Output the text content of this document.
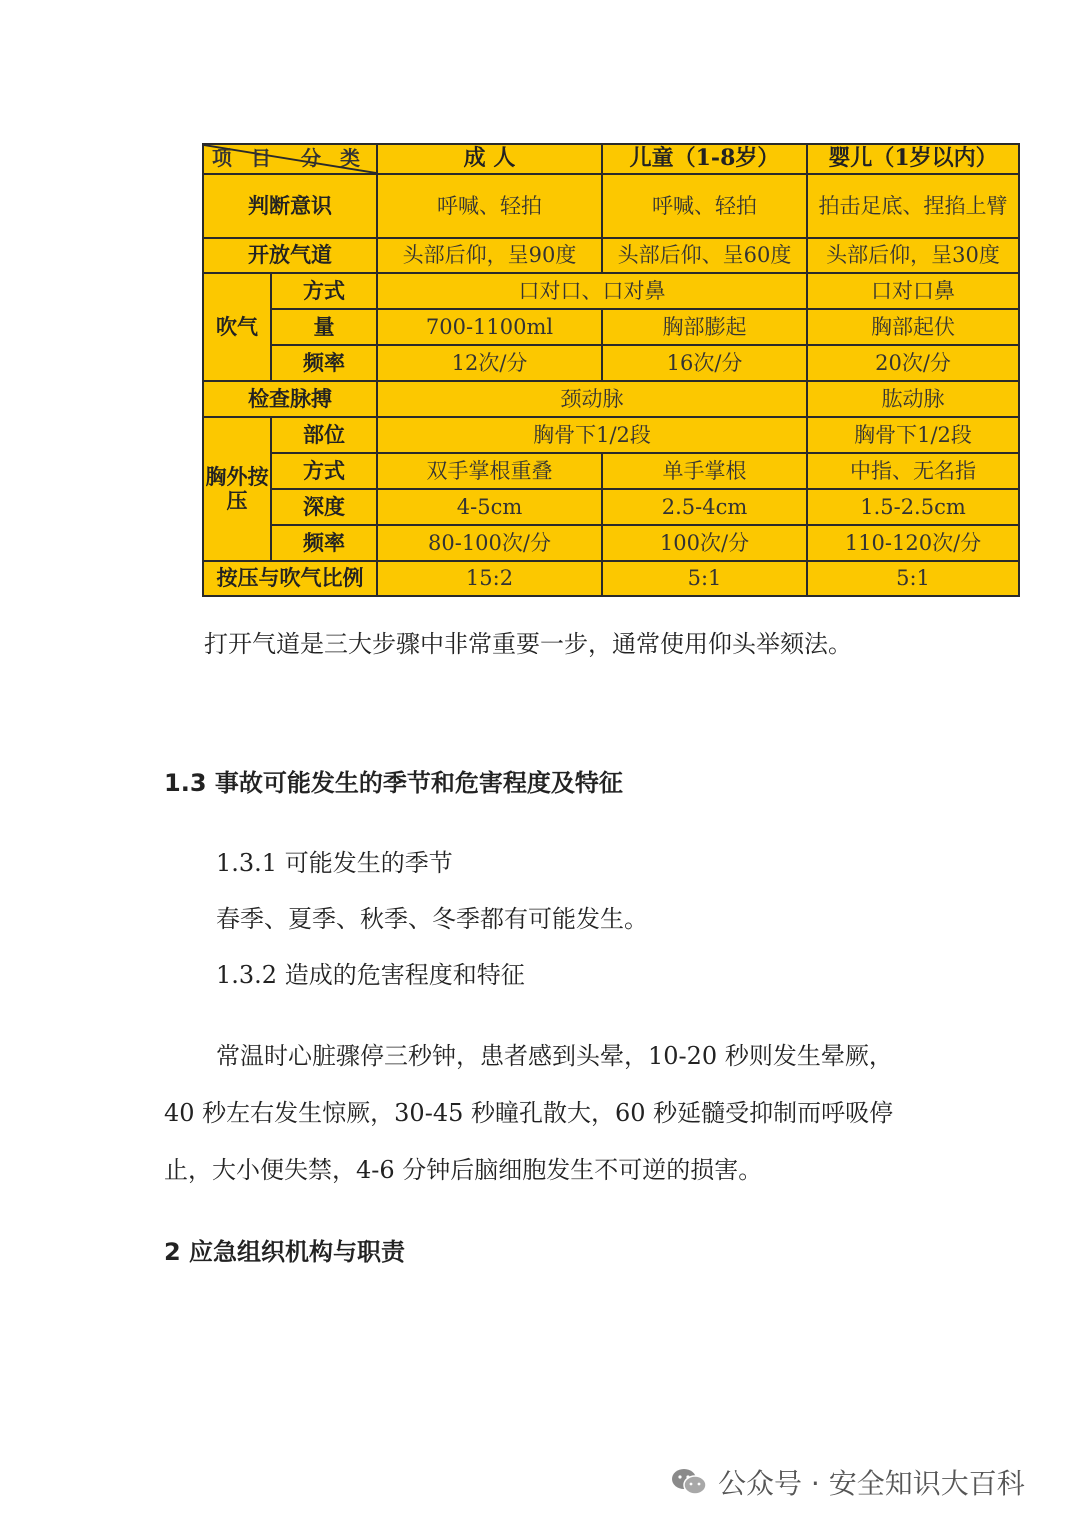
项 目 分 类		成 人	儿童（1-8岁）	婴儿（1岁以内）
判断意识		呼喊、轻拍	呼喊、轻拍	拍击足底、捏掐上臂
开放气道		头部后仰，呈90度	头部后仰、呈60度	头部后仰，呈30度
吹气	方式	口对口、口对鼻		口对口鼻
	量	700-1100ml	胸部膨起	胸部起伏
	频率	12次/分	16次/分	20次/分
检查脉搏		颈动脉		肱动脉
胸外按压	部位	胸骨下1/2段		胸骨下1/2段
	方式	双手掌根重叠	单手掌根	中指、无名指
	深度	4-5cm	2.5-4cm	1.5-2.5cm
	频率	80-100次/分	100次/分	110-120次/分
按压与吹气比例		15:2	5:1	5:1
打开气道是三大步骤中非常重要一步，通常使用仰头举颏法。
1.3 事故可能发生的季节和危害程度及特征
1.3.1 可能发生的季节
春季、夏季、秋季、冬季都有可能发生。
1.3.2 造成的危害程度和特征
常温时心脏骤停三秒钟，患者感到头晕，10-20 秒则发生晕厥，
40 秒左右发生惊厥，30-45 秒瞳孔散大，60 秒延髓受抑制而呼吸停
止，大小便失禁，4-6 分钟后脑细胞发生不可逆的损害。
2 应急组织机构与职责
公众号 · 安全知识大百科
